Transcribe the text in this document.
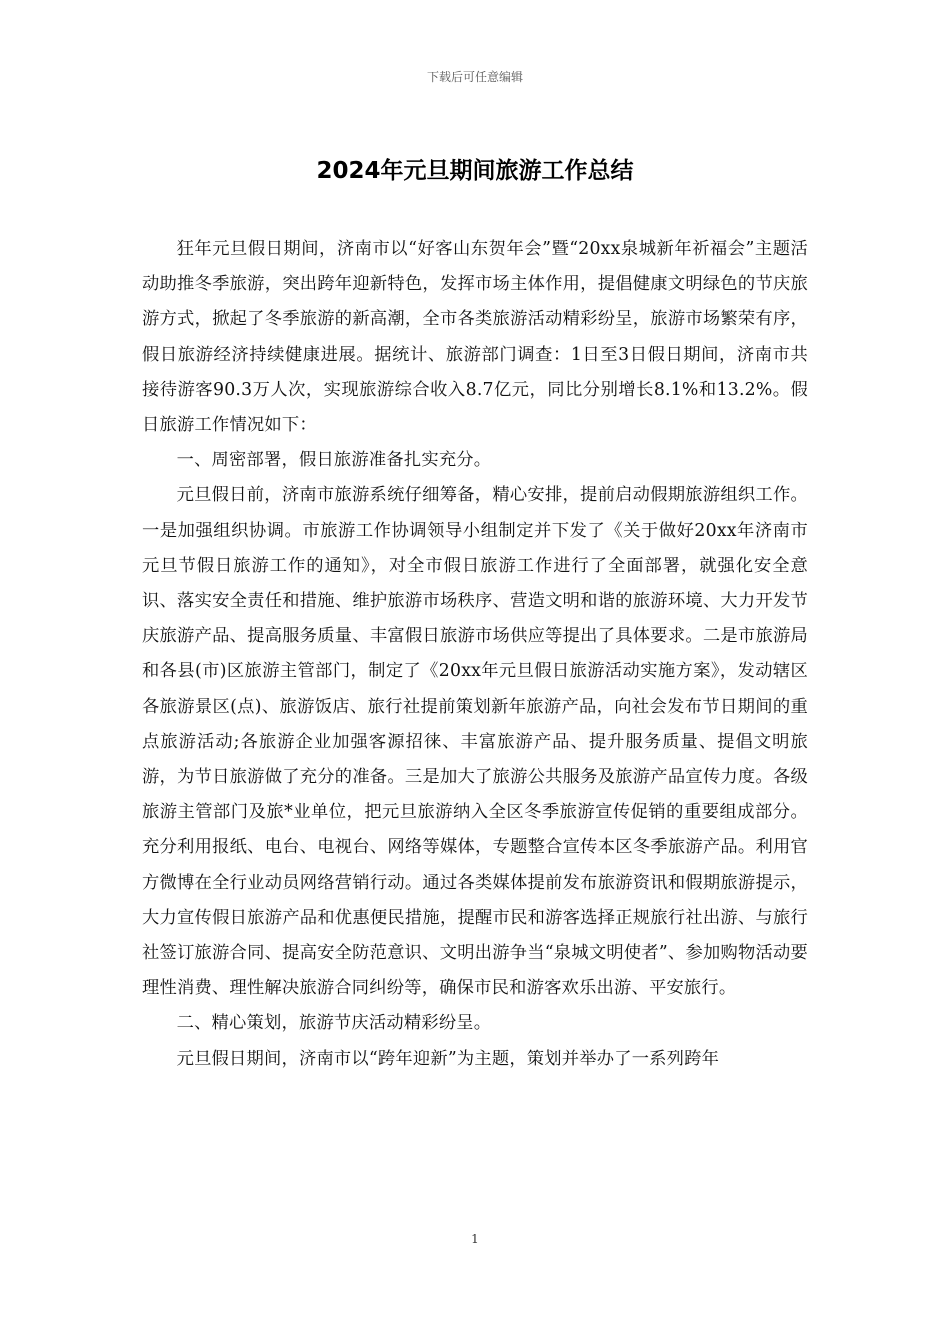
下载后可任意编辑
2024年元旦期间旅游工作总结

狂年元旦假日期间，济南市以“好客山东贺年会”暨“20xx泉城新年祈福会”主题活动助推冬季旅游，突出跨年迎新特色，发挥市场主体作用，提倡健康文明绿色的节庆旅游方式，掀起了冬季旅游的新高潮，全市各类旅游活动精彩纷呈，旅游市场繁荣有序，假日旅游经济持续健康进展。据统计、旅游部门调查：1日至3日假日期间，济南市共接待游客90.3万人次，实现旅游综合收入8.7亿元，同比分别增长8.1%和13.2%。假日旅游工作情况如下：

一、周密部署，假日旅游准备扎实充分。

元旦假日前，济南市旅游系统仔细筹备，精心安排，提前启动假期旅游组织工作。一是加强组织协调。市旅游工作协调领导小组制定并下发了《关于做好20xx年济南市元旦节假日旅游工作的通知》，对全市假日旅游工作进行了全面部署，就强化安全意识、落实安全责任和措施、维护旅游市场秩序、营造文明和谐的旅游环境、大力开发节庆旅游产品、提高服务质量、丰富假日旅游市场供应等提出了具体要求。二是市旅游局和各县(市)区旅游主管部门，制定了《20xx年元旦假日旅游活动实施方案》，发动辖区各旅游景区(点)、旅游饭店、旅行社提前策划新年旅游产品，向社会发布节日期间的重点旅游活动;各旅游企业加强客源招徕、丰富旅游产品、提升服务质量、提倡文明旅游，为节日旅游做了充分的准备。三是加大了旅游公共服务及旅游产品宣传力度。各级旅游主管部门及旅*业单位，把元旦旅游纳入全区冬季旅游宣传促销的重要组成部分。充分利用报纸、电台、电视台、网络等媒体，专题整合宣传本区冬季旅游产品。利用官方微博在全行业动员网络营销行动。通过各类媒体提前发布旅游资讯和假期旅游提示，大力宣传假日旅游产品和优惠便民措施，提醒市民和游客选择正规旅行社出游、与旅行社签订旅游合同、提高安全防范意识、文明出游争当“泉城文明使者”、参加购物活动要理性消费、理性解决旅游合同纠纷等，确保市民和游客欢乐出游、平安旅行。

二、精心策划，旅游节庆活动精彩纷呈。

元旦假日期间，济南市以“跨年迎新”为主题，策划并举办了一系列跨年

1
